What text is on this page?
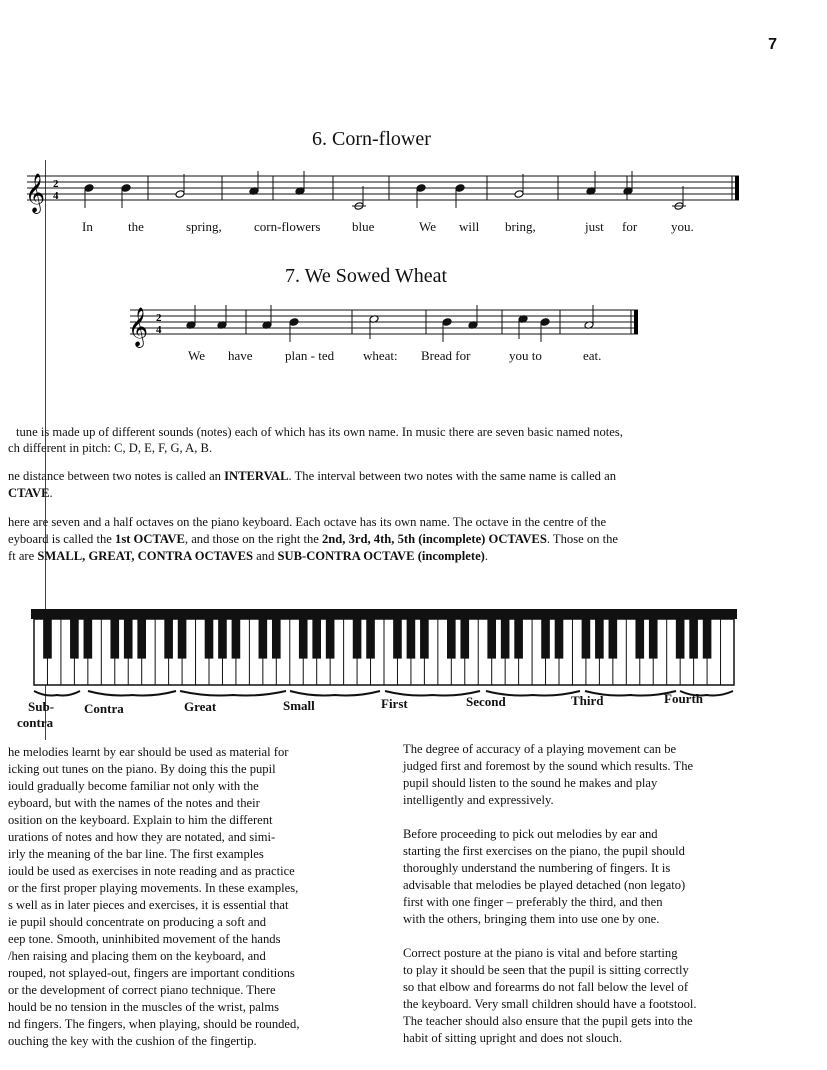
7
6. Corn-flower
𝄞 2
4
In	the	spring, corn-flowers blue	We will bring,	just for	you.
7. We Sowed Wheat
𝄞 2
4
We have plan - ted wheat: Bread for	you to	eat.
tune is made up of different sounds (notes) each of which has its own name. In music there are seven basic named notes,
ch different in pitch: C, D, E, F, G, A, B.
ne distance between two notes is called an INTERVAL. The interval between two notes with the same name is called an
CTAVE.
here are seven and a half octaves on the piano keyboard. Each octave has its own name. The octave in the centre of the
eyboard is called the 1st OCTAVE, and those on the right the 2nd, 3rd, 4th, 5th (incomplete) OCTAVES. Those on the
ft are SMALL, GREAT, CONTRA OCTAVES and SUB-CONTRA OCTAVE (incomplete).
Sub-
contra
Contra	Great	Small	First	Second	Third	Fourth

he melodies learnt by ear should be used as material for

icking out tunes on the piano. By doing this the pupil

iould gradually become familiar not only with the

eyboard, but with the names of the notes and their

osition on the keyboard. Explain to him the different

urations of notes and how they are notated, and simi-

irly the meaning of the bar line. The first examples

iould be used as exercises in note reading and as practice

or the first proper playing movements. In these examples,

s well as in later pieces and exercises, it is essential that

ie pupil should concentrate on producing a soft and

eep tone. Smooth, uninhibited movement of the hands

/hen raising and placing them on the keyboard, and

rouped, not splayed-out, fingers are important conditions

or the development of correct piano technique. There

hould be no tension in the muscles of the wrist, palms

nd fingers. The fingers, when playing, should be rounded,

ouching the key with the cushion of the fingertip.

The degree of accuracy of a playing movement can be

judged first and foremost by the sound which results. The

pupil should listen to the sound he makes and play

intelligently and expressively.

Before proceeding to pick out melodies by ear and

starting the first exercises on the piano, the pupil should

thoroughly understand the numbering of fingers. It is

advisable that melodies be played detached (non legato)

first with one finger – preferably the third, and then

with the others, bringing them into use one by one.

Correct posture at the piano is vital and before starting

to play it should be seen that the pupil is sitting correctly

so that elbow and forearms do not fall below the level of

the keyboard. Very small children should have a footstool.

The teacher should also ensure that the pupil gets into the

habit of sitting upright and does not slouch.
